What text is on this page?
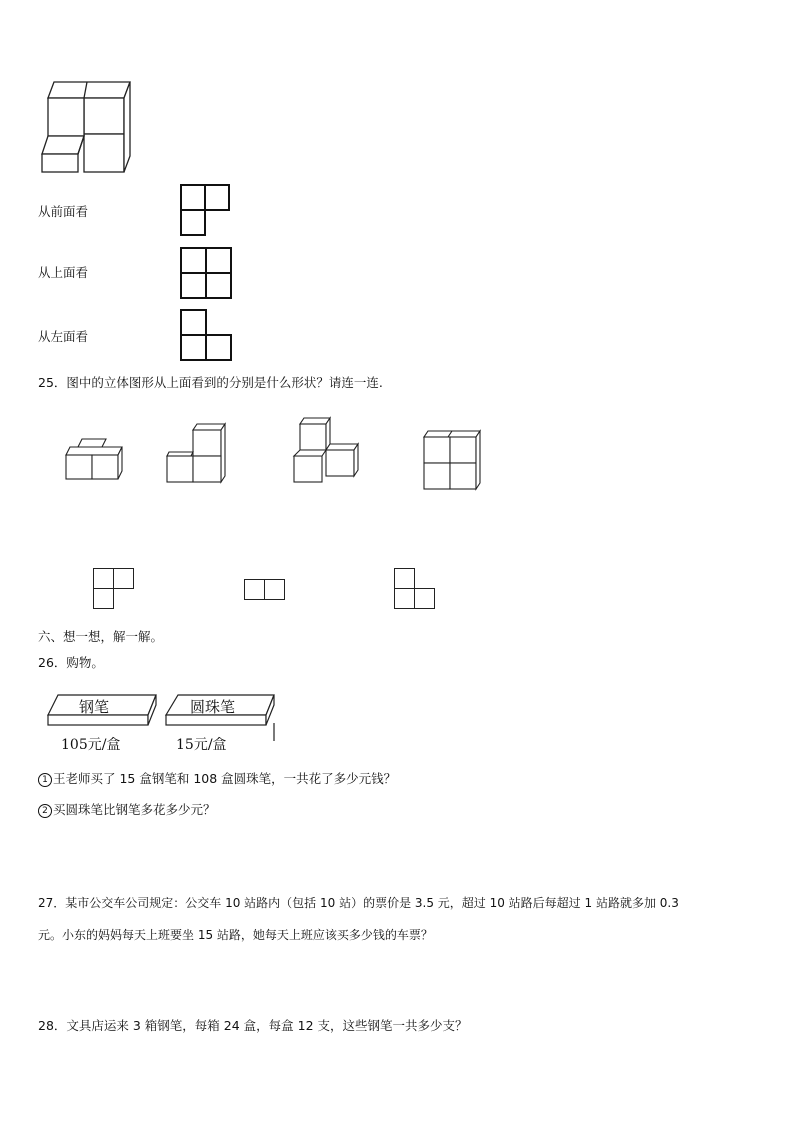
从前面看
从上面看
从左面看
25．图中的立体图形从上面看到的分别是什么形状？请连一连.
六、想一想，解一解。
26．购物。
钢笔	圆珠笔
105元/盒	15元/盒
1 王老师买了 15 盒钢笔和 108 盒圆珠笔，一共花了多少元钱？
2 买圆珠笔比钢笔多花多少元？
27．某市公交车公司规定：公交车 10 站路内（包括 10 站）的票价是 3.5 元，超过 10 站路后每超过 1 站路就多加 0.3
元。小东的妈妈每天上班要坐 15 站路，她每天上班应该买多少钱的车票？
28．文具店运来 3 箱钢笔，每箱 24 盒，每盒 12 支，这些钢笔一共多少支？
